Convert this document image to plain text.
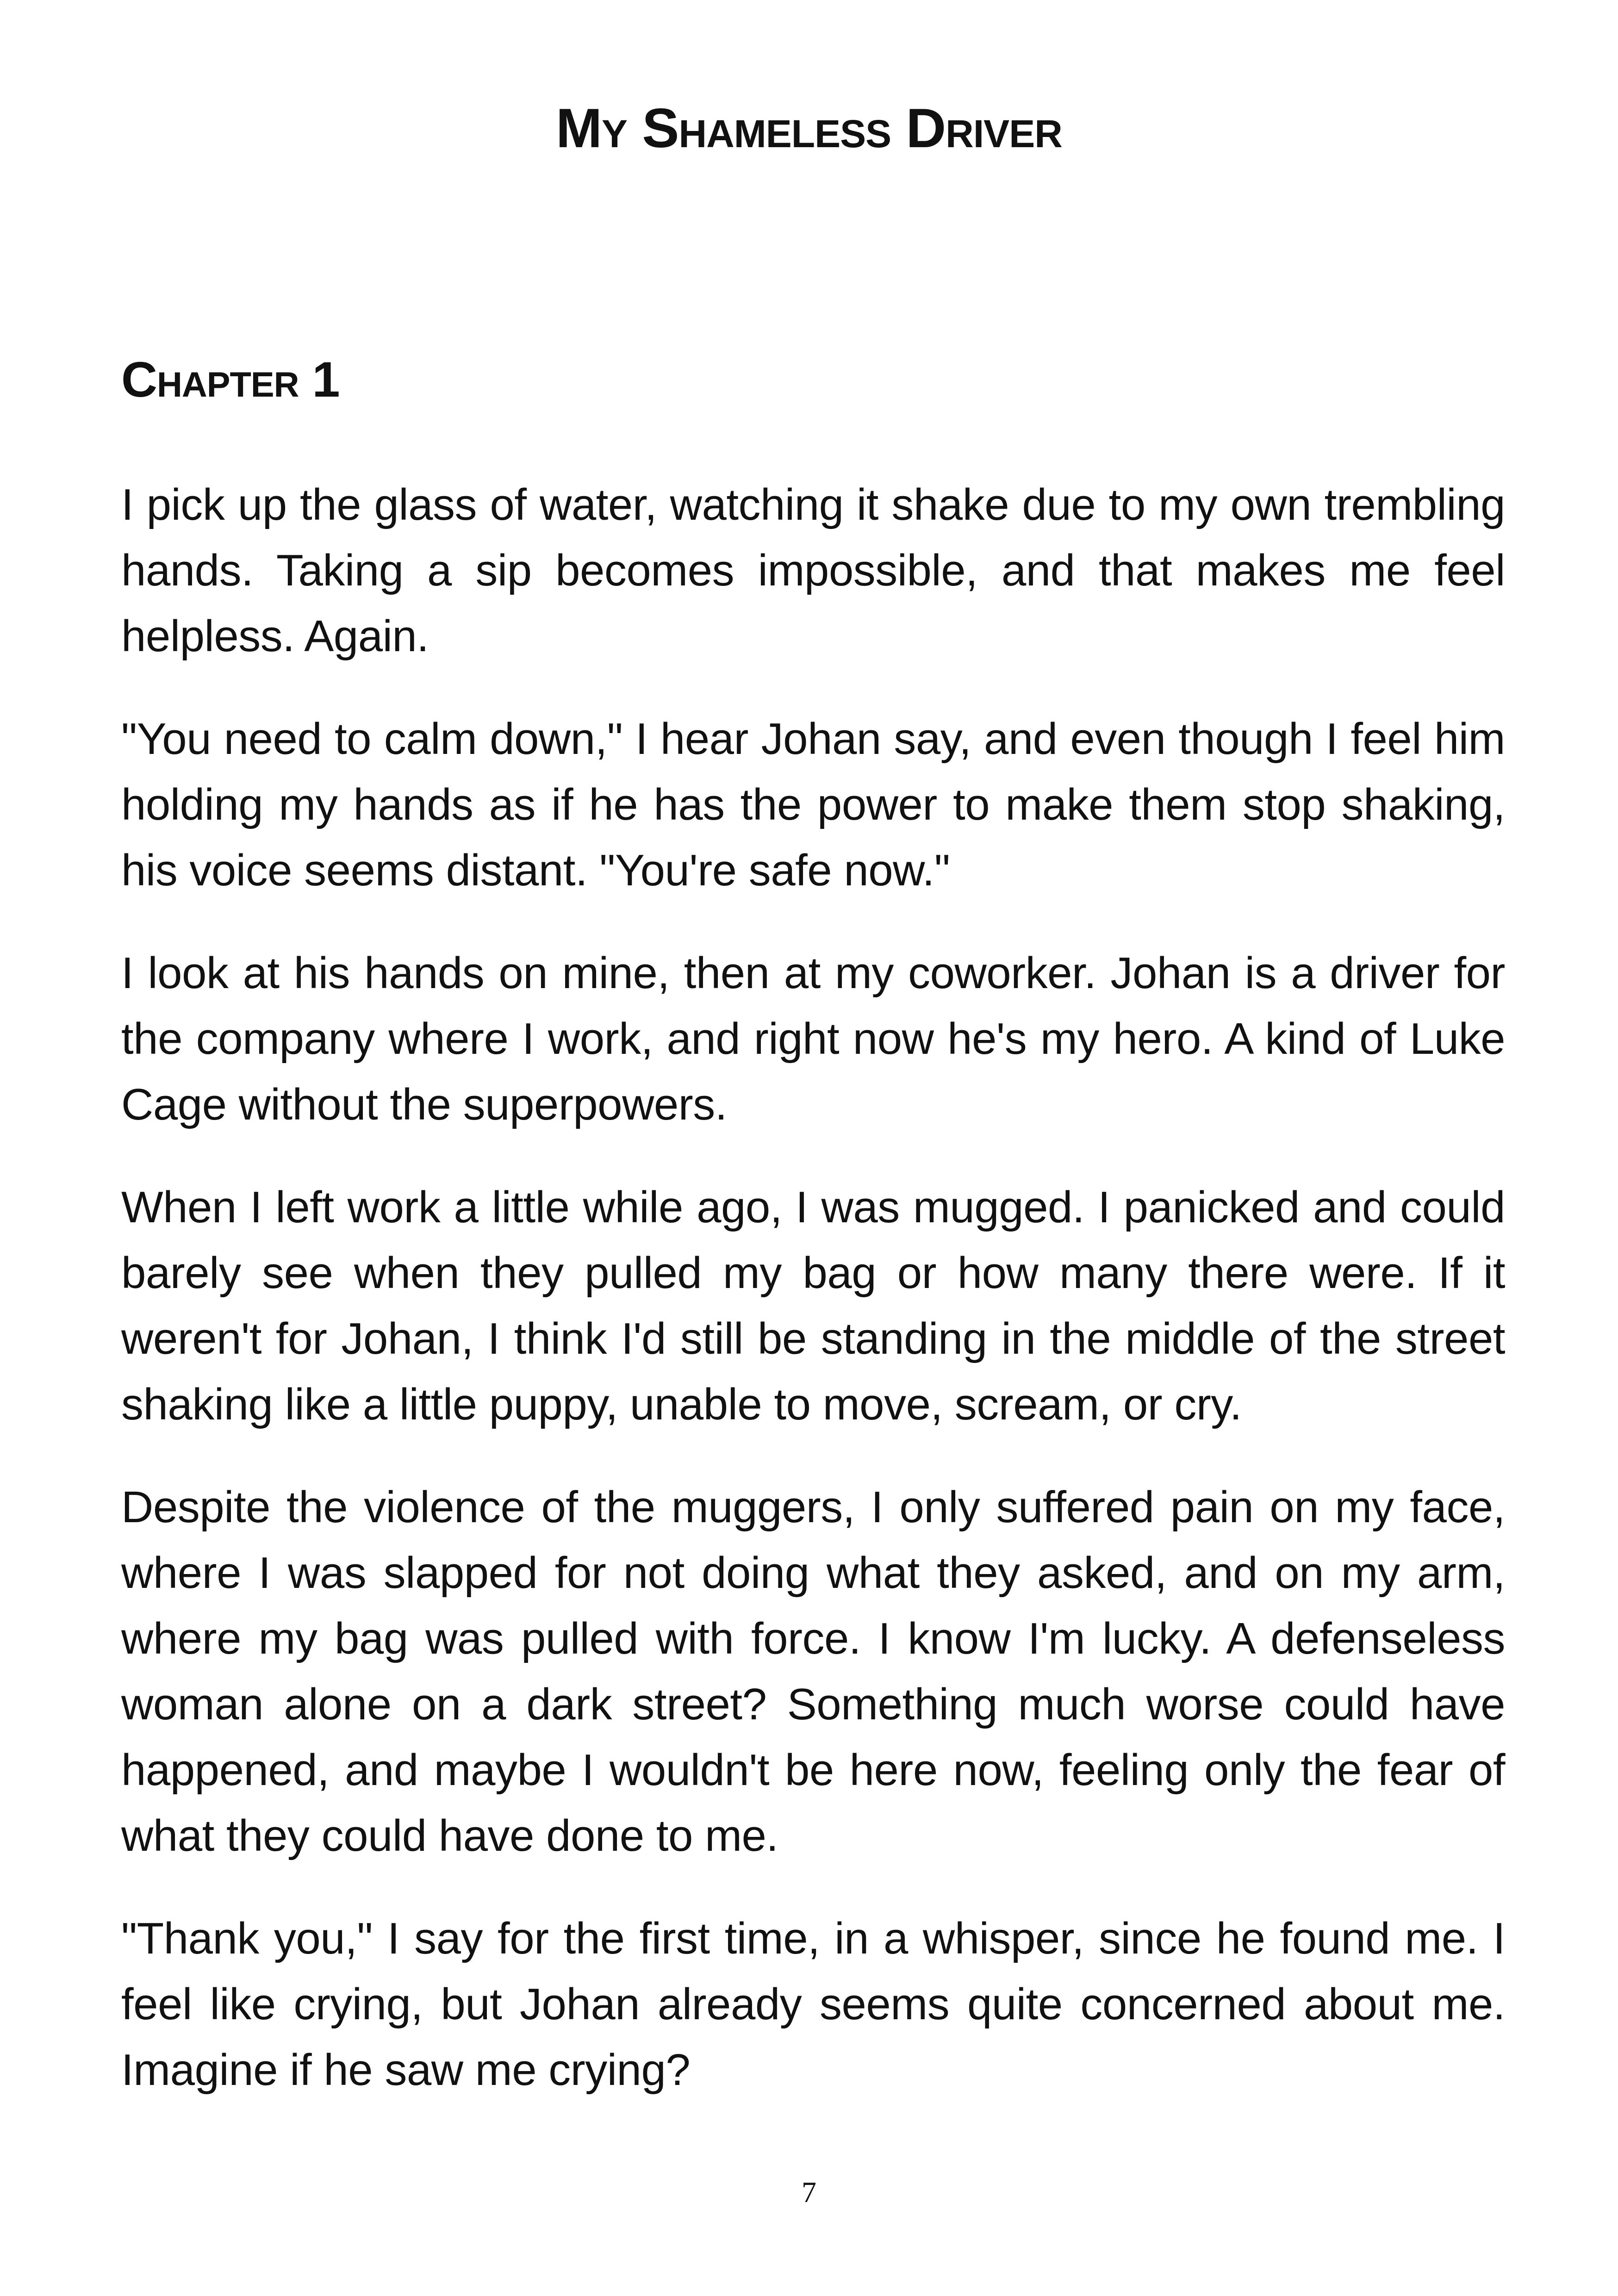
My Shameless Driver
Chapter 1

I pick up the glass of water, watching it shake due to my own trembling hands. Taking a sip becomes impossible, and that makes me feel helpless. Again.

"You need to calm down," I hear Johan say, and even though I feel him holding my hands as if he has the power to make them stop shaking, his voice seems distant. "You're safe now."

I look at his hands on mine, then at my coworker. Johan is a driver for the company where I work, and right now he's my hero. A kind of Luke Cage without the superpowers.

When I left work a little while ago, I was mugged. I panicked and could barely see when they pulled my bag or how many there were. If it weren't for Johan, I think I'd still be standing in the middle of the street shaking like a little puppy, unable to move, scream, or cry.

Despite the violence of the muggers, I only suffered pain on my face, where I was slapped for not doing what they asked, and on my arm, where my bag was pulled with force. I know I'm lucky. A defenseless woman alone on a dark street? Something much worse could have happened, and maybe I wouldn't be here now, feeling only the fear of what they could have done to me.

"Thank you," I say for the first time, in a whisper, since he found me. I feel like crying, but Johan already seems quite concerned about me. Imagine if he saw me crying?

7
